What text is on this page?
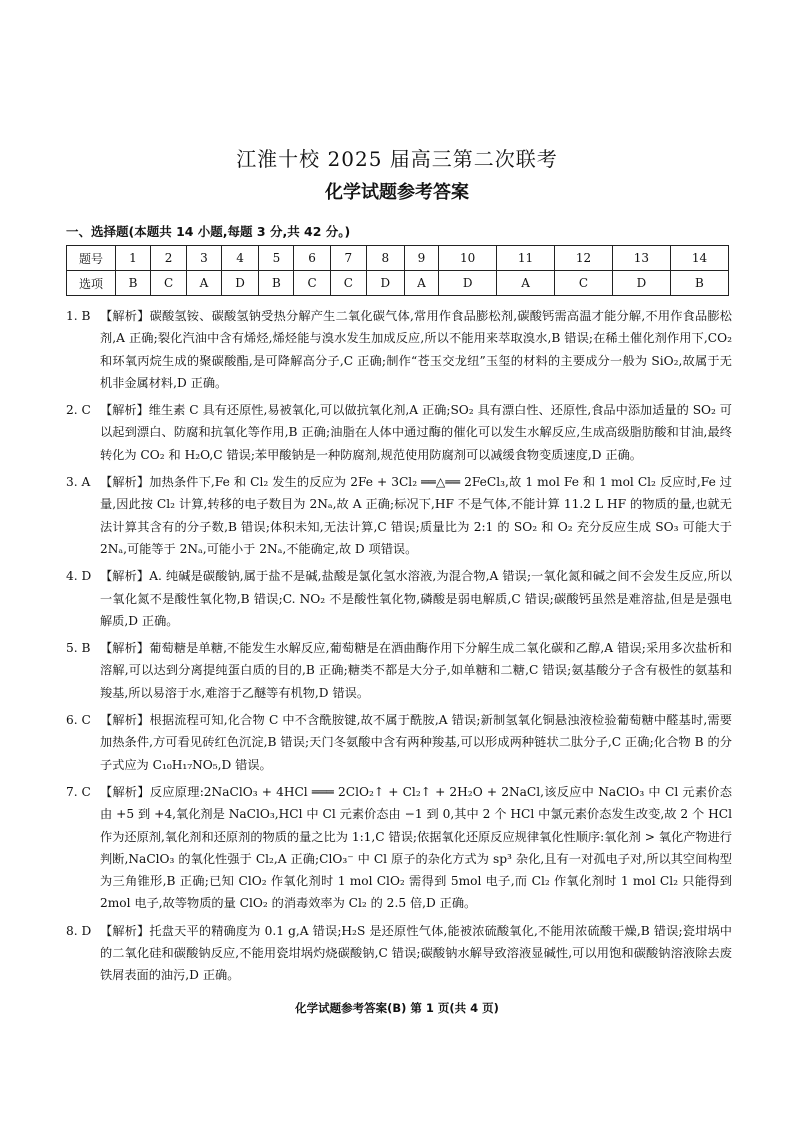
江淮十校 2025 届高三第二次联考
化学试题参考答案
一、选择题(本题共 14 小题,每题 3 分,共 42 分。)
题号	1	2	3	4	5	6	7	8	9	10	11	12	13	14
选项	B	C	A	D	B	C	C	D	A	D	A	C	D	B
1. B 【解析】碳酸氢铵、碳酸氢钠受热分解产生二氧化碳气体,常用作食品膨松剂,碳酸钙需高温才能分解,不用作食品膨松剂,A 正确;裂化汽油中含有烯烃,烯烃能与溴水发生加成反应,所以不能用来萃取溴水,B 错误;在稀土催化剂作用下,CO₂ 和环氧丙烷生成的聚碳酸酯,是可降解高分子,C 正确;制作“苍玉交龙纽”玉玺的材料的主要成分一般为 SiO₂,故属于无机非金属材料,D 正确。
2. C 【解析】维生素 C 具有还原性,易被氧化,可以做抗氧化剂,A 正确;SO₂ 具有漂白性、还原性,食品中添加适量的 SO₂ 可以起到漂白、防腐和抗氧化等作用,B 正确;油脂在人体中通过酶的催化可以发生水解反应,生成高级脂肪酸和甘油,最终转化为 CO₂ 和 H₂O,C 错误;苯甲酸钠是一种防腐剂,规范使用防腐剂可以减缓食物变质速度,D 正确。
3. A 【解析】加热条件下,Fe 和 Cl₂ 发生的反应为 2Fe + 3Cl₂ ══△══ 2FeCl₃,故 1 mol Fe 和 1 mol Cl₂ 反应时,Fe 过量,因此按 Cl₂ 计算,转移的电子数目为 2Nₐ,故 A 正确;标况下,HF 不是气体,不能计算 11.2 L HF 的物质的量,也就无法计算其含有的分子数,B 错误;体积未知,无法计算,C 错误;质量比为 2:1 的 SO₂ 和 O₂ 充分反应生成 SO₃ 可能大于 2Nₐ,可能等于 2Nₐ,可能小于 2Nₐ,不能确定,故 D 项错误。
4. D 【解析】A. 纯碱是碳酸钠,属于盐不是碱,盐酸是氯化氢水溶液,为混合物,A 错误;一氧化氮和碱之间不会发生反应,所以一氧化氮不是酸性氧化物,B 错误;C. NO₂ 不是酸性氧化物,磷酸是弱电解质,C 错误;碳酸钙虽然是难溶盐,但是是强电解质,D 正确。
5. B 【解析】葡萄糖是单糖,不能发生水解反应,葡萄糖是在酒曲酶作用下分解生成二氧化碳和乙醇,A 错误;采用多次盐析和溶解,可以达到分离提纯蛋白质的目的,B 正确;糖类不都是大分子,如单糖和二糖,C 错误;氨基酸分子含有极性的氨基和羧基,所以易溶于水,难溶于乙醚等有机物,D 错误。
6. C 【解析】根据流程可知,化合物 C 中不含酰胺键,故不属于酰胺,A 错误;新制氢氧化铜悬浊液检验葡萄糖中醛基时,需要加热条件,方可看见砖红色沉淀,B 错误;天门冬氨酸中含有两种羧基,可以形成两种链状二肽分子,C 正确;化合物 B 的分子式应为 C₁₀H₁₇NO₅,D 错误。
7. C 【解析】反应原理:2NaClO₃ + 4HCl ═══ 2ClO₂↑ + Cl₂↑ + 2H₂O + 2NaCl,该反应中 NaClO₃ 中 Cl 元素价态由 +5 到 +4,氧化剂是 NaClO₃,HCl 中 Cl 元素价态由 −1 到 0,其中 2 个 HCl 中氯元素价态发生改变,故 2 个 HCl 作为还原剂,氧化剂和还原剂的物质的量之比为 1:1,C 错误;依据氧化还原反应规律氧化性顺序:氧化剂 > 氧化产物进行判断,NaClO₃ 的氧化性强于 Cl₂,A 正确;ClO₃⁻ 中 Cl 原子的杂化方式为 sp³ 杂化,且有一对孤电子对,所以其空间构型为三角锥形,B 正确;已知 ClO₂ 作氧化剂时 1 mol ClO₂ 需得到 5mol 电子,而 Cl₂ 作氧化剂时 1 mol Cl₂ 只能得到 2mol 电子,故等物质的量 ClO₂ 的消毒效率为 Cl₂ 的 2.5 倍,D 正确。
8. D 【解析】托盘天平的精确度为 0.1 g,A 错误;H₂S 是还原性气体,能被浓硫酸氧化,不能用浓硫酸干燥,B 错误;瓷坩埚中的二氧化硅和碳酸钠反应,不能用瓷坩埚灼烧碳酸钠,C 错误;碳酸钠水解导致溶液显碱性,可以用饱和碳酸钠溶液除去废铁屑表面的油污,D 正确。
化学试题参考答案(B) 第 1 页(共 4 页)
